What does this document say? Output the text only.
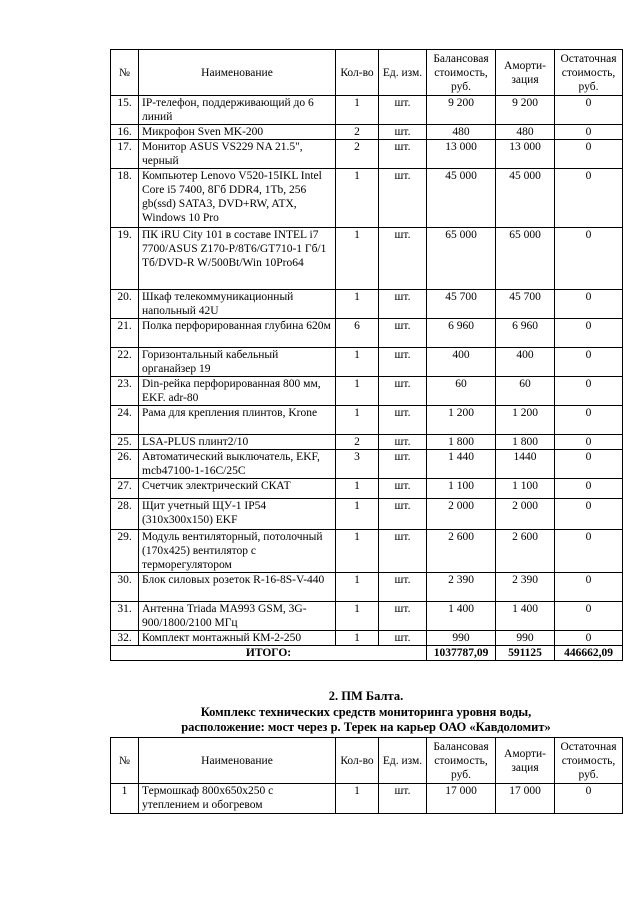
№	Наименование	Кол-во	Ед. изм.	Балансовая стоимость, руб.	Аморти-зация	Остаточная стоимость, руб.
15.	IP-телефон, поддерживающий до 6 линий	1	шт.	9 200	9 200	0
16.	Микрофон Sven MK-200	2	шт.	480	480	0
17.	Монитор ASUS VS229 NA 21.5", черный	2	шт.	13 000	13 000	0
18.	Компьютер Lenovo V520-15IKL Intel Core i5 7400, 8Гб DDR4, 1Tb, 256 gb(ssd) SATA3, DVD+RW, ATX, Windows 10 Pro	1	шт.	45 000	45 000	0
19.	ПК iRU City 101 в составе INTEL i7 7700/ASUS Z170-P/8T6/GT710-1 Гб/1 Тб/DVD-R W/500Bt/Win 10Pro64	1	шт.	65 000	65 000	0
20.	Шкаф телекоммуникационный напольный 42U	1	шт.	45 700	45 700	0
21.	Полка перфорированная глубина 620м	6	шт.	6 960	6 960	0
22.	Горизонтальный кабельный органайзер 19	1	шт.	400	400	0
23.	Din-рейка перфорированная 800 мм, EKF. adr-80	1	шт.	60	60	0
24.	Рама для крепления плинтов, Krone	1	шт.	1 200	1 200	0
25.	LSA-PLUS плинт2/10	2	шт.	1 800	1 800	0
26.	Автоматический выключатель, EKF, mcb47100-1-16C/25C	3	шт.	1 440	1440	0
27.	Счетчик электрический СКАТ	1	шт.	1 100	1 100	0
28.	Щит учетный ЩУ-1 IP54 (310x300x150) EKF	1	шт.	2 000	2 000	0
29.	Модуль вентиляторный, потолочный (170x425) вентилятор с терморегулятором	1	шт.	2 600	2 600	0
30.	Блок силовых розеток R-16-8S-V-440	1	шт.	2 390	2 390	0
31.	Антенна Triada MA993 GSM, 3G-900/1800/2100 МГц	1	шт.	1 400	1 400	0
32.	Комплект монтажный КМ-2-250	1	шт.	990	990	0
ИТОГО:				1037787,09	591125	446662,09
2. ПМ Балта.
Комплекс технических средств мониторинга уровня воды,
расположение: мост через р. Терек на карьер ОАО «Кавдоломит»
№	Наименование	Кол-во	Ед. изм.	Балансовая стоимость, руб.	Аморти-зация	Остаточная стоимость, руб.
1	Термошкаф 800x650x250 с утеплением и обогревом	1	шт.	17 000	17 000	0
